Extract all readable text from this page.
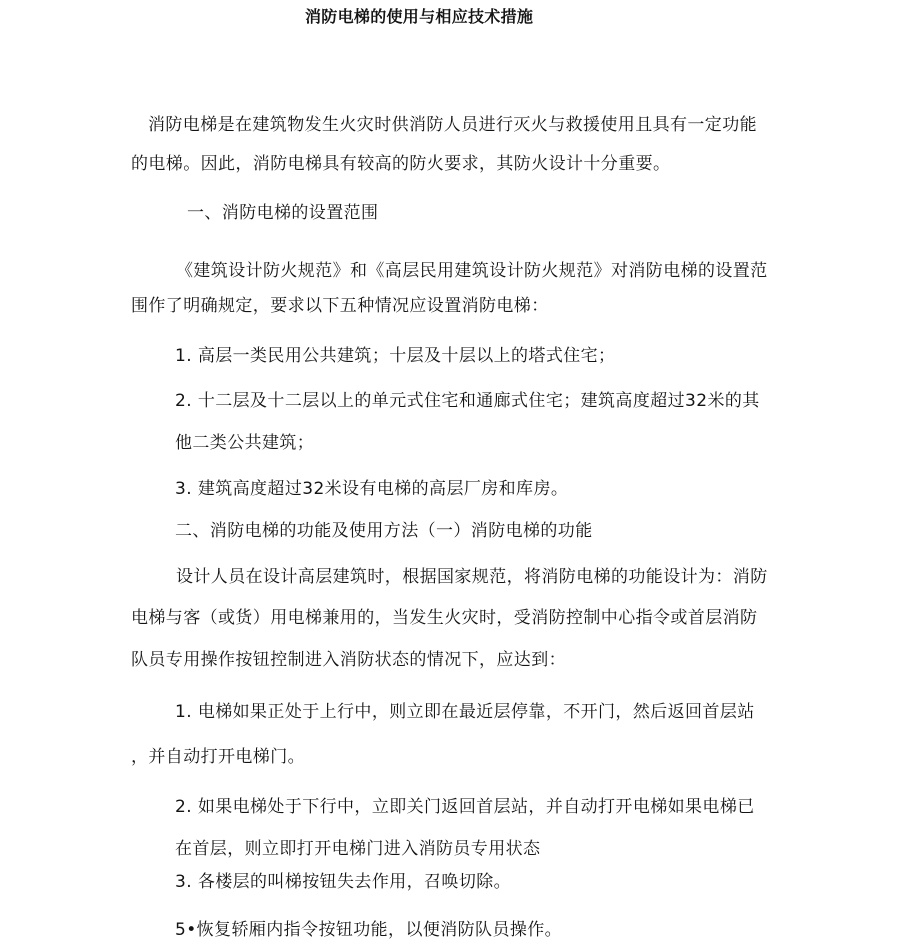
消防电梯的使用与相应技术措施

消防电梯是在建筑物发生火灾时供消防人员进行灭火与救援使用且具有一定功能

的电梯。因此，消防电梯具有较高的防火要求，其防火设计十分重要。

一、消防电梯的设置范围

《建筑设计防火规范》和《高层民用建筑设计防火规范》对消防电梯的设置范

围作了明确规定，要求以下五种情况应设置消防电梯：

1. 高层一类民用公共建筑；十层及十层以上的塔式住宅；

2. 十二层及十二层以上的单元式住宅和通廊式住宅；建筑高度超过32米的其

他二类公共建筑；

3. 建筑高度超过32米设有电梯的高层厂房和库房。

二、消防电梯的功能及使用方法（一）消防电梯的功能

设计人员在设计高层建筑时，根据国家规范，将消防电梯的功能设计为：消防

电梯与客（或货）用电梯兼用的，当发生火灾时，受消防控制中心指令或首层消防

队员专用操作按钮控制进入消防状态的情况下，应达到：

1. 电梯如果正处于上行中，则立即在最近层停靠，不开门，然后返回首层站

，并自动打开电梯门。

2. 如果电梯处于下行中，立即关门返回首层站，并自动打开电梯如果电梯已

在首层，则立即打开电梯门进入消防员专用状态

3. 各楼层的叫梯按钮失去作用，召唤切除。

5•恢复轿厢内指令按钮功能，以便消防队员操作。
